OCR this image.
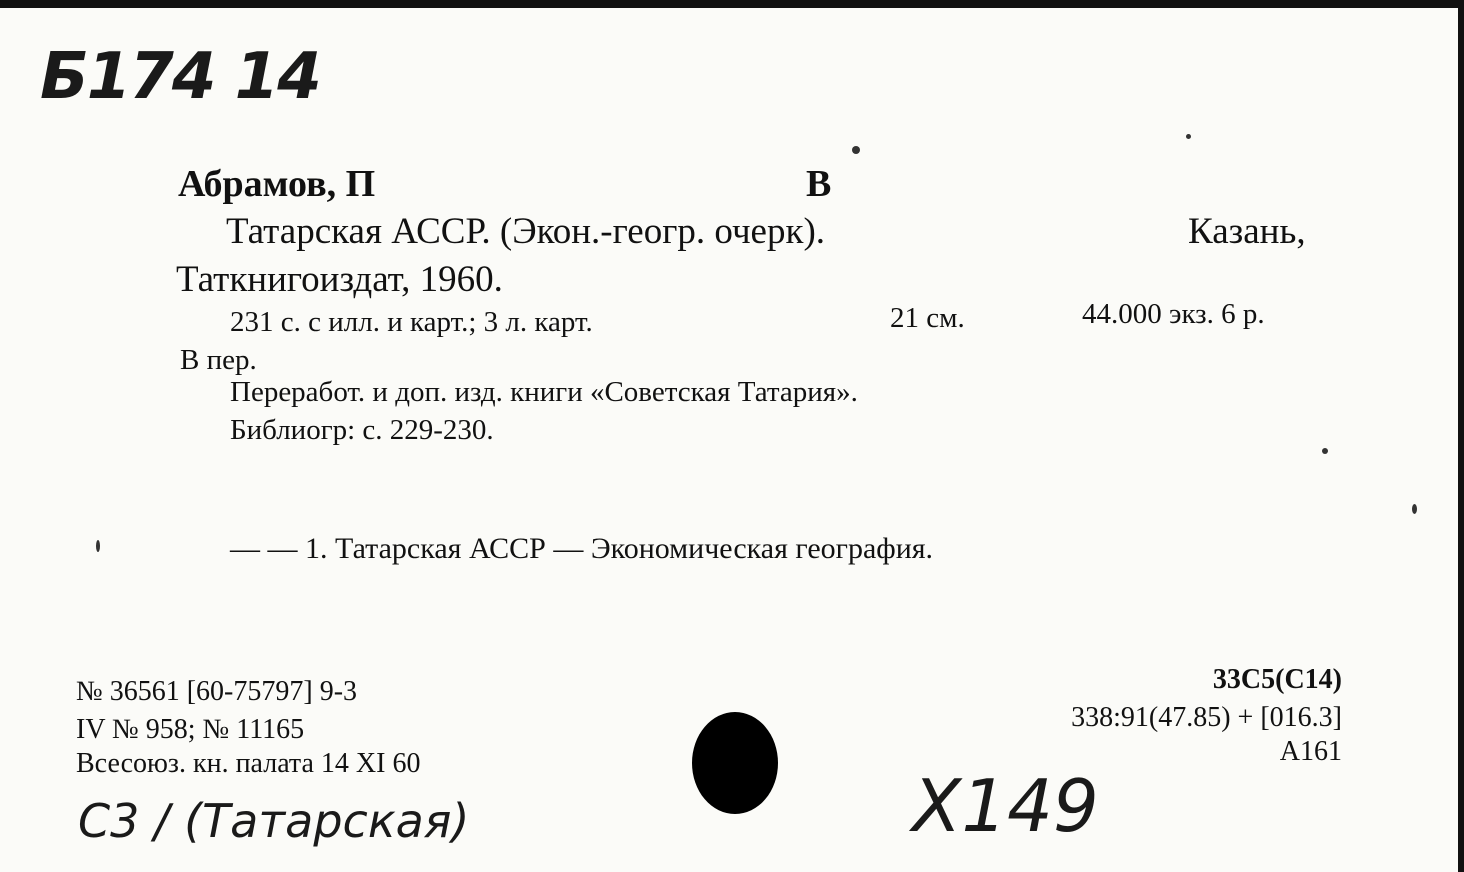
Б174 14
Абрамов, П	В
Татарская АССР. (Экон.-геогр. очерк).	Казань,
Таткнигоиздат, 1960.
231 с. с илл. и карт.; 3 л. карт.	21 см.	44.000 экз. 6 р.
В пер.
Переработ. и доп. изд. книги «Советская Татария».
Библиогр: с. 229-230.
— — 1. Татарская АССР — Экономическая география.
№ 36561 [60-75797] 9-3
IV № 958; № 11165
Всесоюз. кн. палата 14 XI 60
33С5(С14)
338:91(47.85) + [016.3]
А161
С3 / (Татарская)	Х149
